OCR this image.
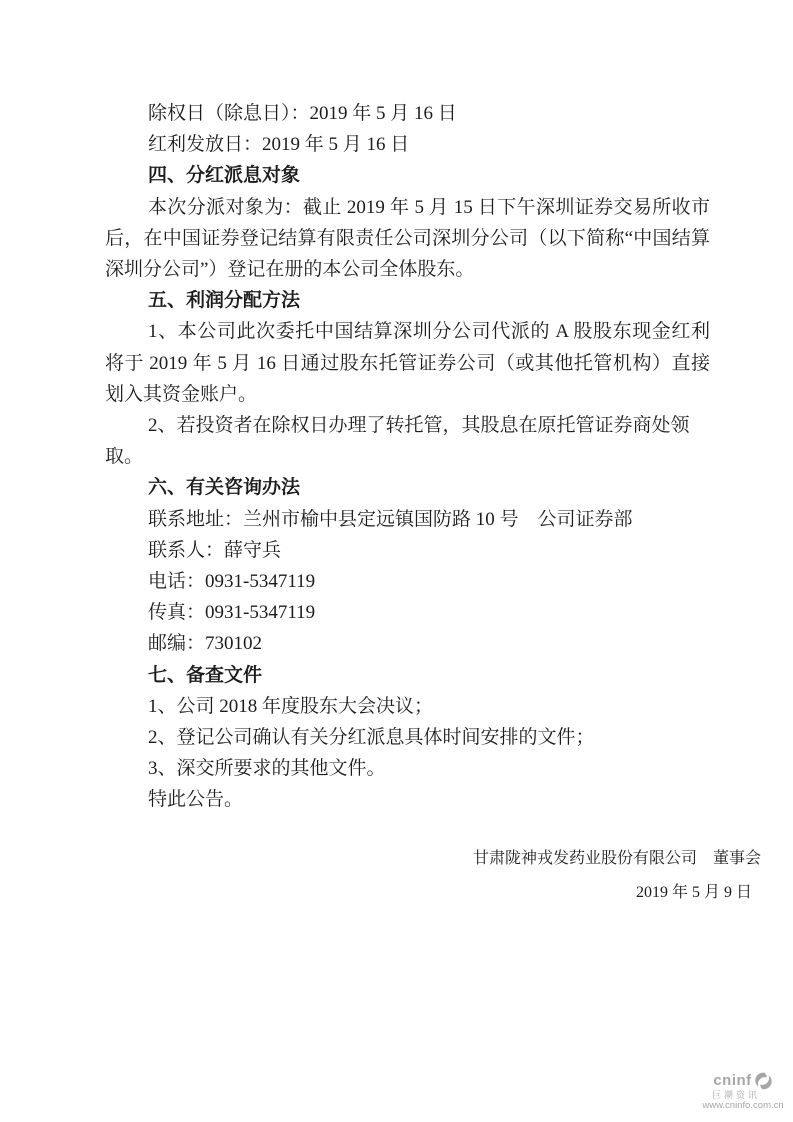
除权日（除息日）：2019 年 5 月 16 日

红利发放日：2019 年 5 月 16 日

四、分红派息对象

本次分派对象为：截止 2019 年 5 月 15 日下午深圳证券交易所收市后，在中国证券登记结算有限责任公司深圳分公司（以下简称“中国结算深圳分公司”）登记在册的本公司全体股东。

五、利润分配方法

1、本公司此次委托中国结算深圳分公司代派的 A 股股东现金红利将于 2019 年 5 月 16 日通过股东托管证券公司（或其他托管机构）直接划入其资金账户。

2、若投资者在除权日办理了转托管，其股息在原托管证券商处领取。

六、有关咨询办法

联系地址：兰州市榆中县定远镇国防路 10 号　公司证券部

联系人：薛守兵

电话：0931-5347119

传真：0931-5347119

邮编：730102

七、备查文件

1、公司 2018 年度股东大会决议；

2、登记公司确认有关分红派息具体时间安排的文件；

3、深交所要求的其他文件。

特此公告。

甘肃陇神戎发药业股份有限公司　董事会

2019 年 5 月 9 日

cninf
巨潮资讯
www.cninfo.com.cn
